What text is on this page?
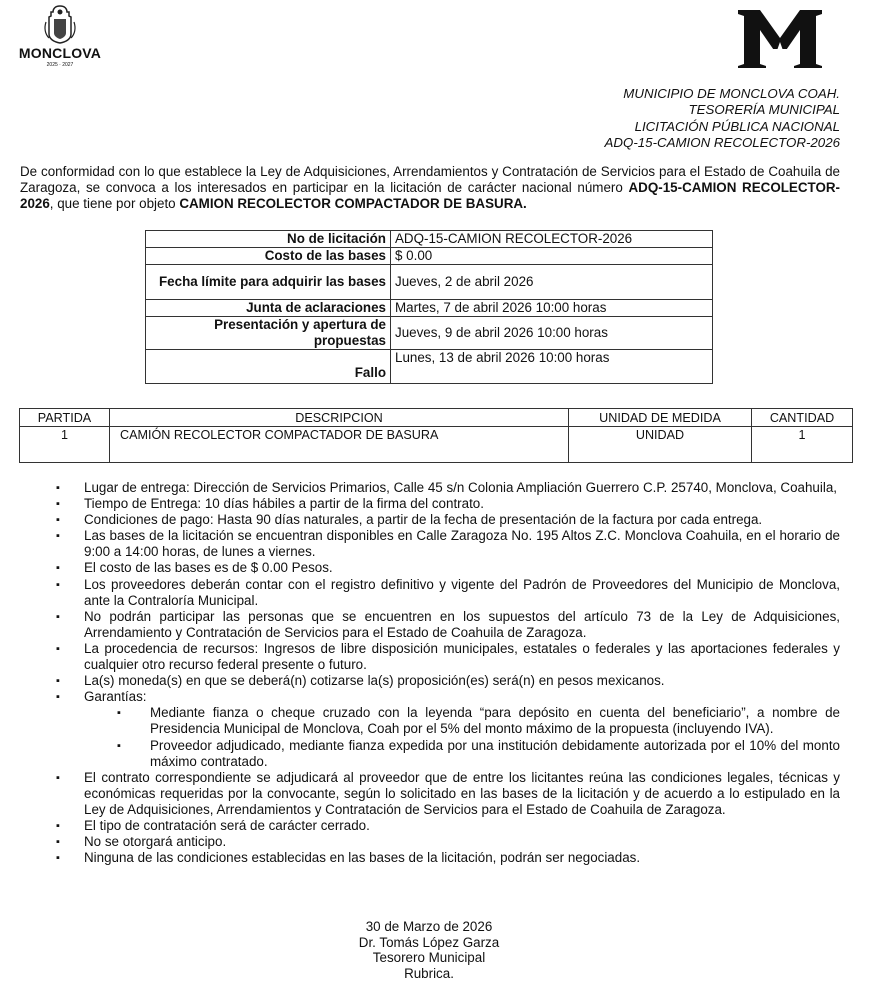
MONCLOVA
2025 · 2027
MUNICIPIO DE MONCLOVA COAH.
TESORERÍA MUNICIPAL
LICITACIÓN PÚBLICA NACIONAL
ADQ-15-CAMION RECOLECTOR-2026
De conformidad con lo que establece la Ley de Adquisiciones, Arrendamientos y Contratación de Servicios para el Estado de Coahuila de Zaragoza, se convoca a los interesados en participar en la licitación de carácter nacional número ADQ-15-CAMION RECOLECTOR-2026, que tiene por objeto CAMION RECOLECTOR COMPACTADOR DE BASURA.
No de licitación	ADQ-15-CAMION RECOLECTOR-2026
Costo de las bases	$ 0.00
Fecha límite para adquirir las bases	Jueves, 2 de abril 2026
Junta de aclaraciones	Martes, 7 de abril 2026 10:00 horas
Presentación y apertura de propuestas	Jueves, 9 de abril 2026 10:00 horas
Fallo	Lunes, 13 de abril 2026 10:00 horas
PARTIDA	DESCRIPCION	UNIDAD DE MEDIDA	CANTIDAD
1	CAMIÓN RECOLECTOR COMPACTADOR DE BASURA	UNIDAD	1
▪ Lugar de entrega: Dirección de Servicios Primarios, Calle 45 s/n Colonia Ampliación Guerrero C.P. 25740, Monclova, Coahuila,
▪ Tiempo de Entrega: 10 días hábiles a partir de la firma del contrato.
▪ Condiciones de pago: Hasta 90 días naturales, a partir de la fecha de presentación de la factura por cada entrega.
▪ Las bases de la licitación se encuentran disponibles en Calle Zaragoza No. 195 Altos Z.C. Monclova Coahuila, en el horario de 9:00 a 14:00 horas, de lunes a viernes.
▪ El costo de las bases es de $ 0.00 Pesos.
▪ Los proveedores deberán contar con el registro definitivo y vigente del Padrón de Proveedores del Municipio de Monclova, ante la Contraloría Municipal.
▪ No podrán participar las personas que se encuentren en los supuestos del artículo 73 de la Ley de Adquisiciones, Arrendamiento y Contratación de Servicios para el Estado de Coahuila de Zaragoza.
▪ La procedencia de recursos: Ingresos de libre disposición municipales, estatales o federales y las aportaciones federales y cualquier otro recurso federal presente o futuro.
▪ La(s) moneda(s) en que se deberá(n) cotizarse la(s) proposición(es) será(n) en pesos mexicanos.
▪ Garantías:
▪ Mediante fianza o cheque cruzado con la leyenda “para depósito en cuenta del beneficiario”, a nombre de Presidencia Municipal de Monclova, Coah por el 5% del monto máximo de la propuesta (incluyendo IVA).
▪ Proveedor adjudicado, mediante fianza expedida por una institución debidamente autorizada por el 10% del monto máximo contratado.
▪ El contrato correspondiente se adjudicará al proveedor que de entre los licitantes reúna las condiciones legales, técnicas y económicas requeridas por la convocante, según lo solicitado en las bases de la licitación y de acuerdo a lo estipulado en la Ley de Adquisiciones, Arrendamientos y Contratación de Servicios para el Estado de Coahuila de Zaragoza.
▪ El tipo de contratación será de carácter cerrado.
▪ No se otorgará anticipo.
▪ Ninguna de las condiciones establecidas en las bases de la licitación, podrán ser negociadas.
30 de Marzo de 2026
Dr. Tomás López Garza
Tesorero Municipal
Rubrica.
